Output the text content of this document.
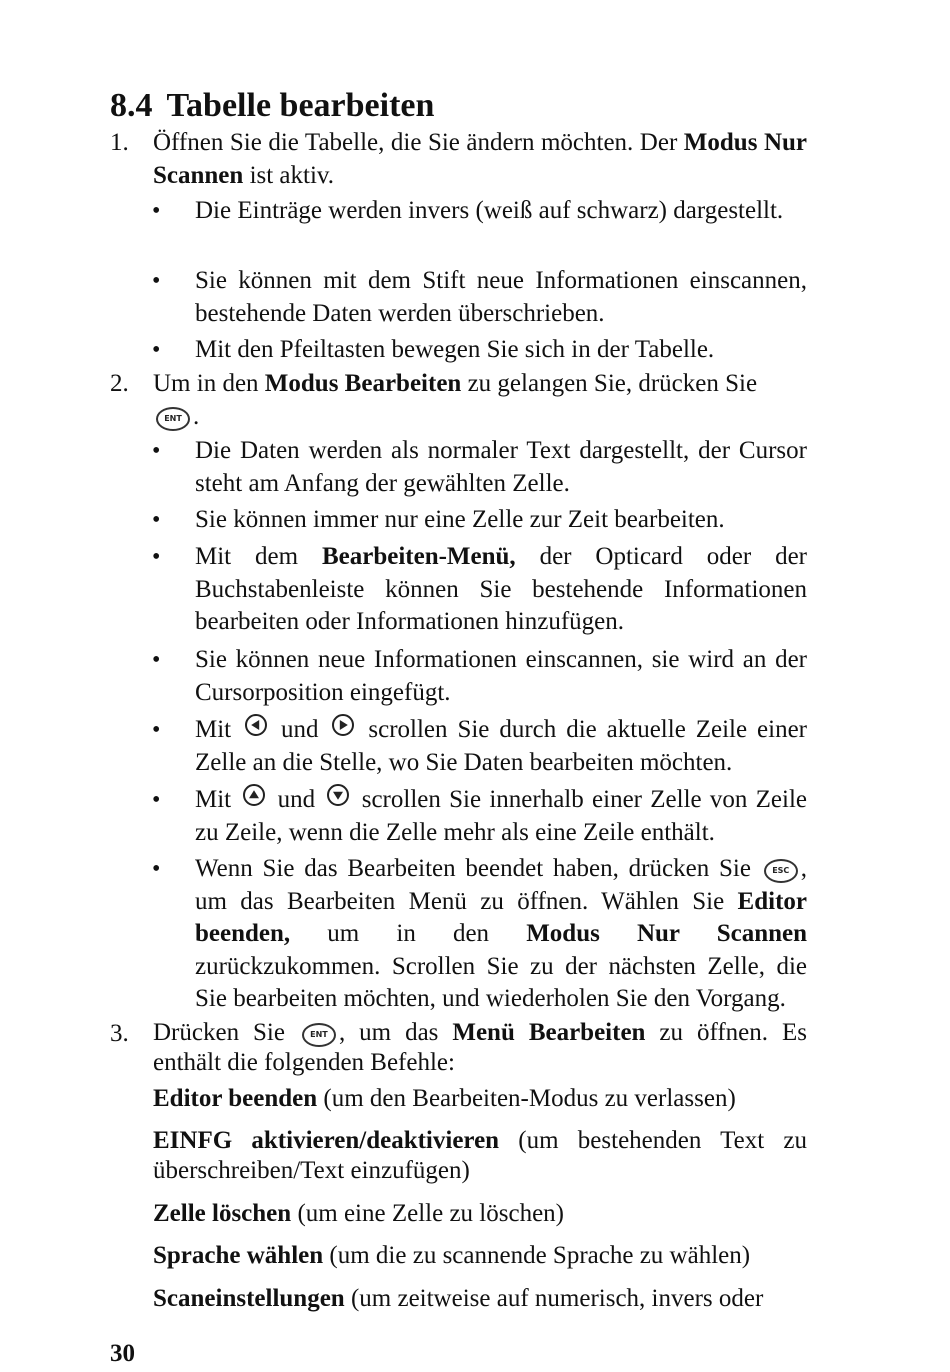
8.4 Tabelle bearbeiten
1. Öffnen Sie die Tabelle, die Sie ändern möchten. Der Modus Nur Scannen ist aktiv.
• Die Einträge werden invers (weiß auf schwarz) dargestellt.
• Sie können mit dem Stift neue Informationen einscannen, bestehende Daten werden überschrieben.
• Mit den Pfeiltasten bewegen Sie sich in der Tabelle.
2. Um in den Modus Bearbeiten zu gelangen Sie, drücken Sie
ENT .
• Die Daten werden als normaler Text dargestellt, der Cursor steht am Anfang der gewählten Zelle.
• Sie können immer nur eine Zelle zur Zeit bearbeiten.
• Mit dem Bearbeiten-Menü, der Opticard oder der Buchstabenleiste können Sie bestehende Informationen bearbeiten oder Informationen hinzufügen.
• Sie können neue Informationen einscannen, sie wird an der Cursorposition eingefügt.
• Mit  und  scrollen Sie durch die aktuelle Zeile einer Zelle an die Stelle, wo Sie Daten bearbeiten möchten.
• Mit  und  scrollen Sie innerhalb einer Zelle von Zeile zu Zeile, wenn die Zelle mehr als eine Zeile enthält.
• Wenn Sie das Bearbeiten beendet haben, drücken Sie ESC , um das Bearbeiten Menü zu öffnen. Wählen Sie Editor beenden, um in den Modus Nur Scannen zurückzukommen. Scrollen Sie zu der nächsten Zelle, die Sie bearbeiten möchten, und wiederholen Sie den Vorgang.
3. Drücken Sie ENT , um das Menü Bearbeiten zu öffnen. Es enthält die folgenden Befehle:
Editor beenden (um den Bearbeiten-Modus zu verlassen)
EINFG aktivieren/deaktivieren (um bestehenden Text zu überschreiben/Text einzufügen)
Zelle löschen (um eine Zelle zu löschen)
Sprache wählen (um die zu scannende Sprache zu wählen)
Scaneinstellungen (um zeitweise auf numerisch, invers oder
30
